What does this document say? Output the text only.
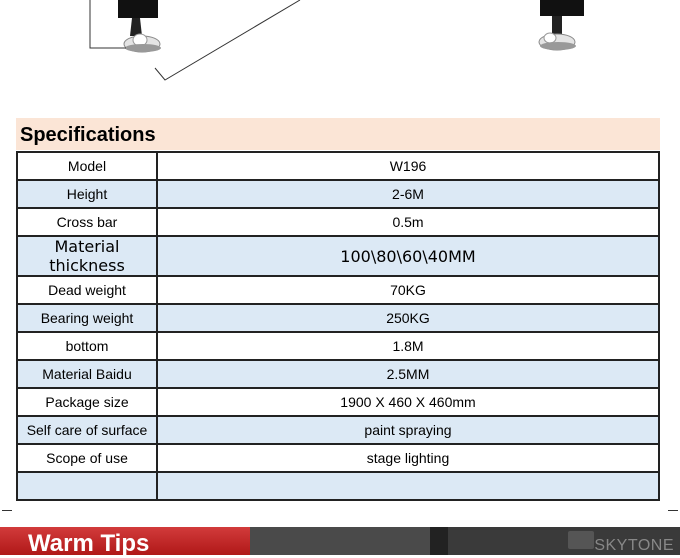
Specifications
Model	W196
Height	2-6M
Cross bar	0.5m
Material thickness	100\80\60\40MM
Dead weight	70KG
Bearing weight	250KG
bottom	1.8M
Material Baidu	2.5MM
Package size	1900 X 460 X 460mm
Self care of surface	paint spraying
Scope of use	stage lighting

Warm Tips	SKYTONE
